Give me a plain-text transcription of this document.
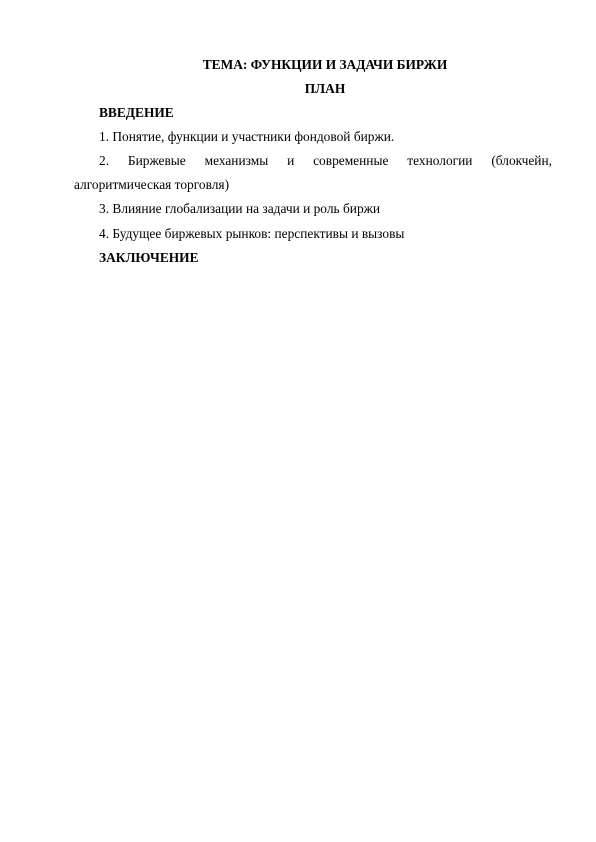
ТЕМА: ФУНКЦИИ И ЗАДАЧИ БИРЖИ
ПЛАН
ВВЕДЕНИЕ
1. Понятие, функции и участники фондовой биржи.
2. Биржевые механизмы и современные технологии (блокчейн,
алгоритмическая торговля)
3. Влияние глобализации на задачи и роль биржи
4. Будущее биржевых рынков: перспективы и вызовы
ЗАКЛЮЧЕНИЕ
